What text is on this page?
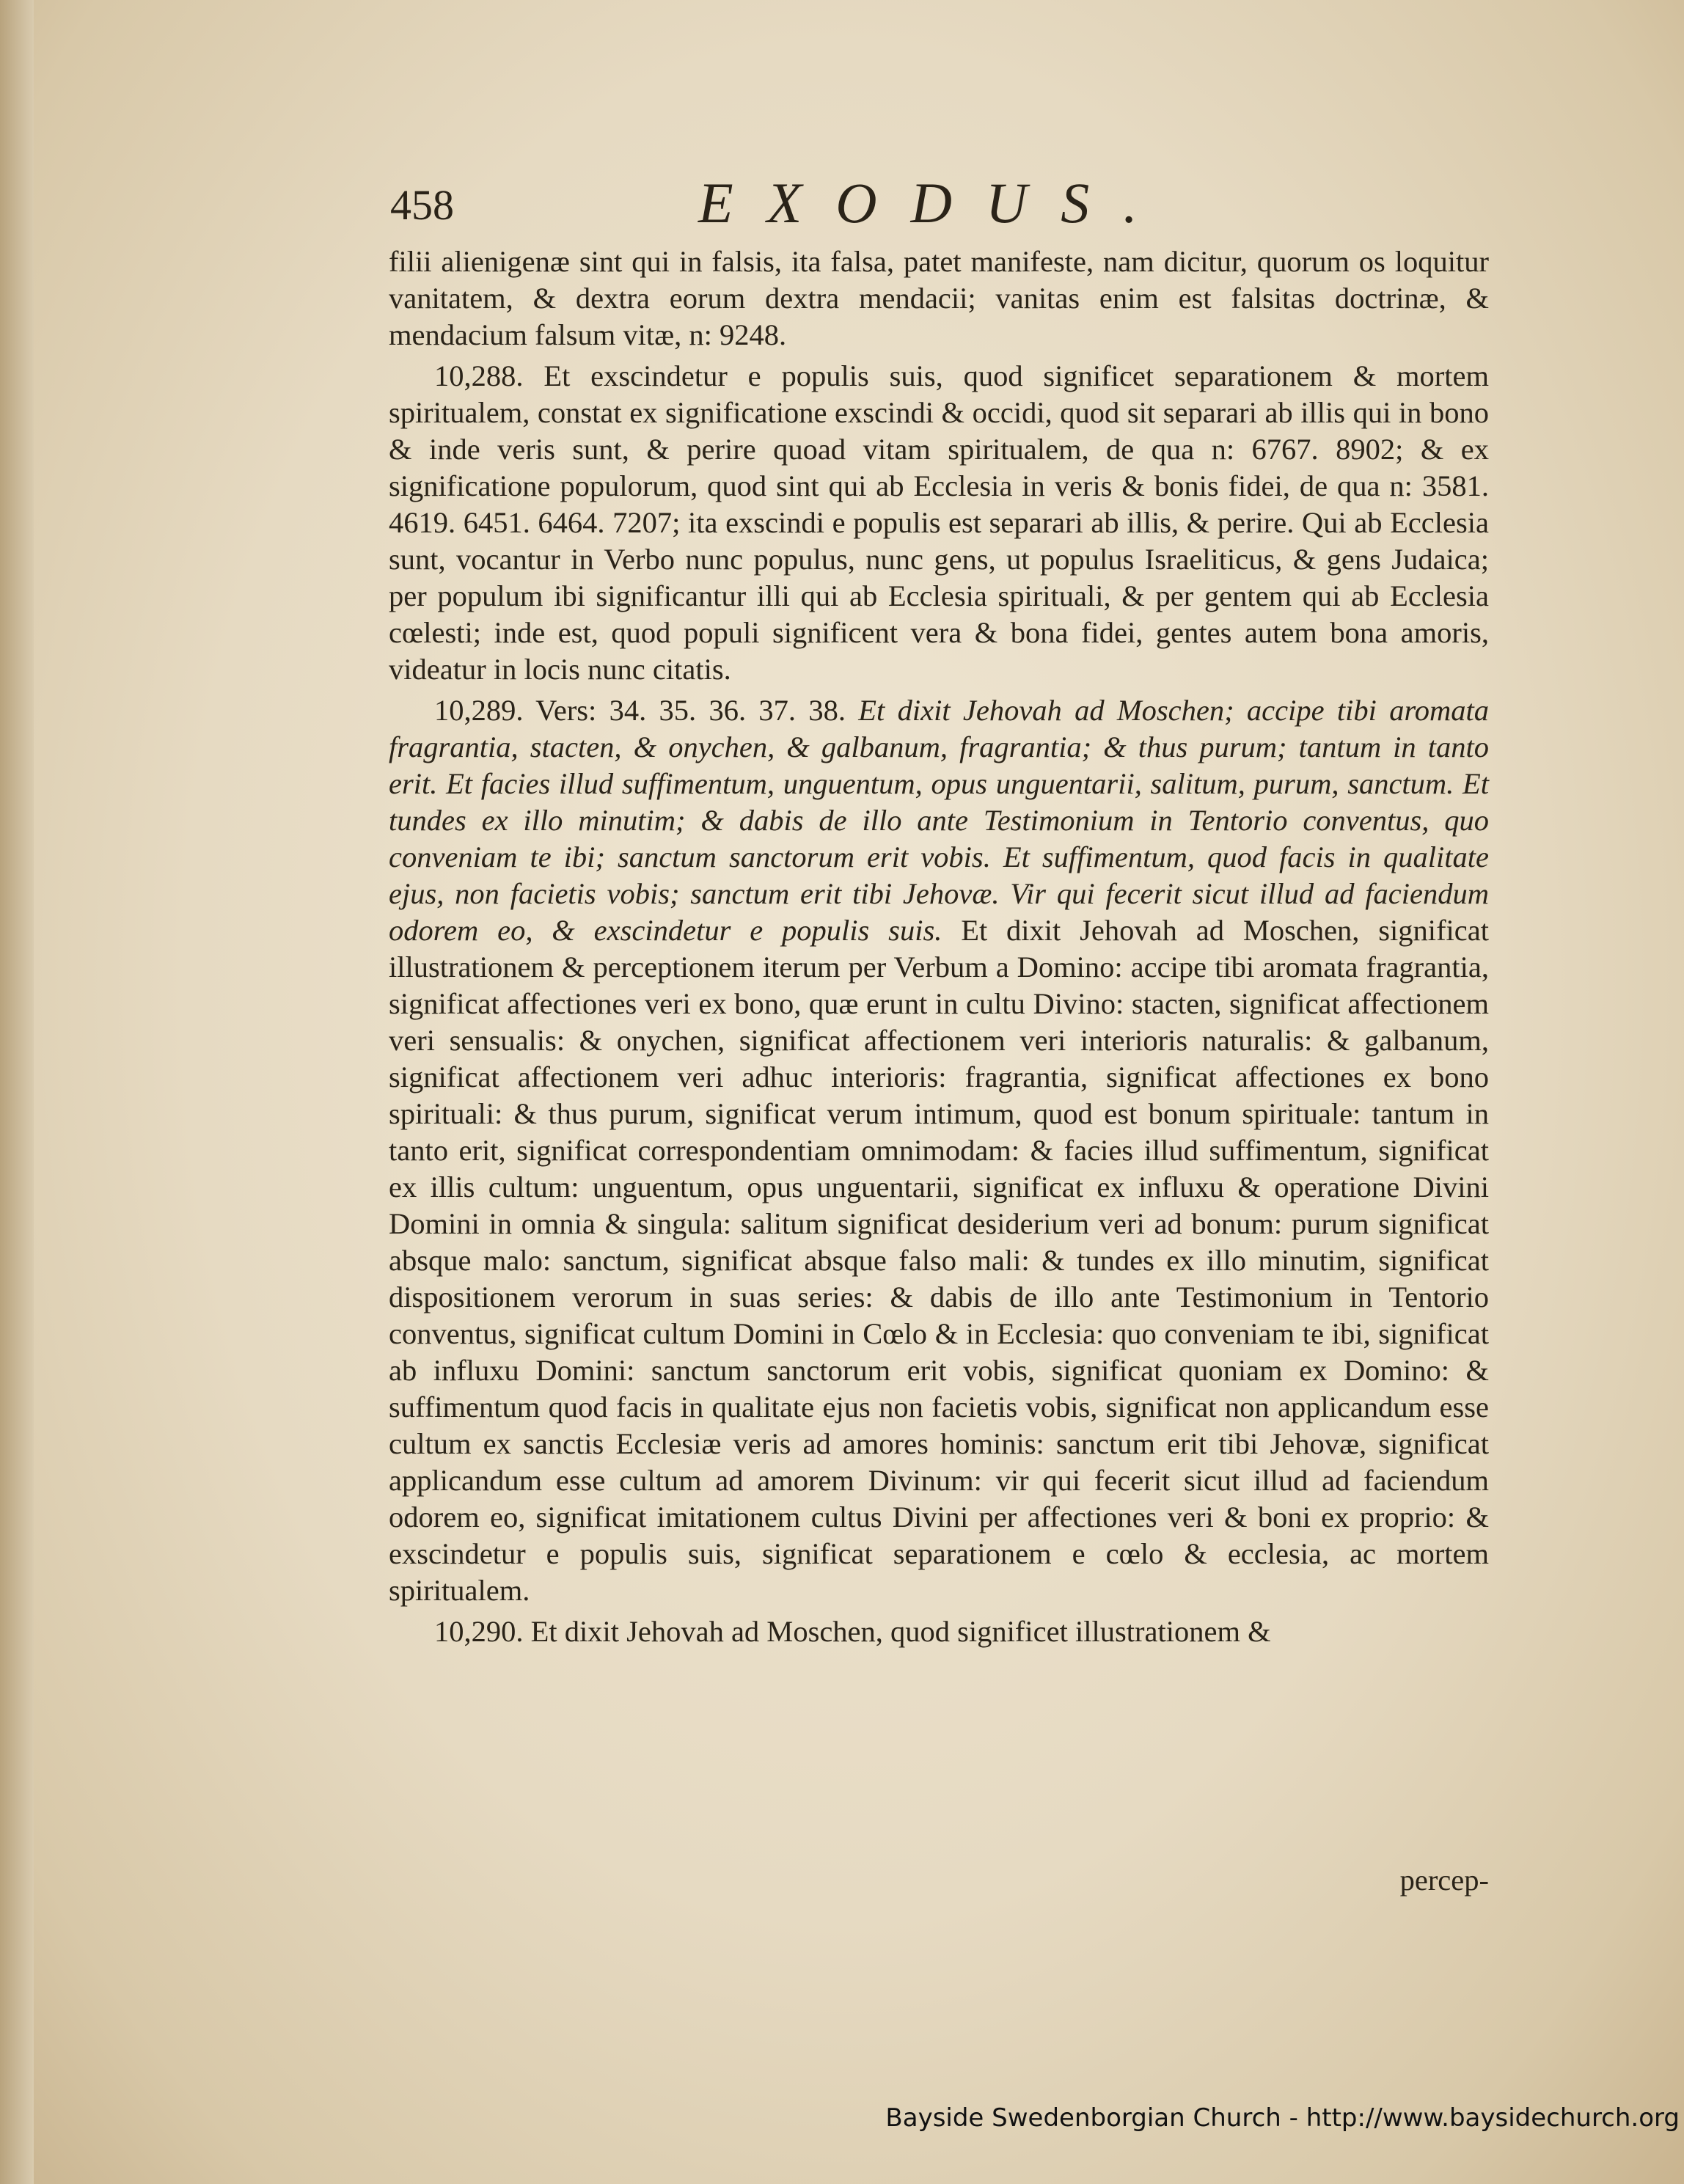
458	EXODUS.

filii alienigenæ sint qui in falsis, ita falsa, patet manifeste, nam dicitur, quorum os loquitur vanitatem, & dextra eorum dextra mendacii; vanitas enim est falsitas doctrinæ, & mendacium falsum vitæ, n: 9248.

10,288. Et exscindetur e populis suis, quod significet separationem & mortem spiritualem, constat ex significatione exscindi & occidi, quod sit separari ab illis qui in bono & inde veris sunt, & perire quoad vitam spiritualem, de qua n: 6767. 8902; & ex significatione populorum, quod sint qui ab Ecclesia in veris & bonis fidei, de qua n: 3581. 4619. 6451. 6464. 7207; ita exscindi e populis est separari ab illis, & perire. Qui ab Ecclesia sunt, vocantur in Verbo nunc populus, nunc gens, ut populus Israeliticus, & gens Judaica; per populum ibi significantur illi qui ab Ecclesia spirituali, & per gentem qui ab Ecclesia cœlesti; inde est, quod populi significent vera & bona fidei, gentes autem bona amoris, videatur in locis nunc citatis.

10,289. Vers: 34. 35. 36. 37. 38. Et dixit Jehovah ad Moschen; accipe tibi aromata fragrantia, stacten, & onychen, & galbanum, fragrantia; & thus purum; tantum in tanto erit. Et facies illud suffimentum, unguentum, opus unguentarii, salitum, purum, sanctum. Et tundes ex illo minutim; & dabis de illo ante Testimonium in Tentorio conventus, quo conveniam te ibi; sanctum sanctorum erit vobis. Et suffimentum, quod facis in qualitate ejus, non facietis vobis; sanctum erit tibi Jehovæ. Vir qui fecerit sicut illud ad faciendum odorem eo, & exscindetur e populis suis. Et dixit Jehovah ad Moschen, significat illustrationem & perceptionem iterum per Verbum a Domino: accipe tibi aromata fragrantia, significat affectiones veri ex bono, quæ erunt in cultu Divino: stacten, significat affectionem veri sensualis: & onychen, significat affectionem veri interioris naturalis: & galbanum, significat affectionem veri adhuc interioris: fragrantia, significat affectiones ex bono spirituali: & thus purum, significat verum intimum, quod est bonum spirituale: tantum in tanto erit, significat correspondentiam omnimodam: & facies illud suffimentum, significat ex illis cultum: unguentum, opus unguentarii, significat ex influxu & operatione Divini Domini in omnia & singula: salitum significat desiderium veri ad bonum: purum significat absque malo: sanctum, significat absque falso mali: & tundes ex illo minutim, significat dispositionem verorum in suas series: & dabis de illo ante Testimonium in Tentorio conventus, significat cultum Domini in Cœlo & in Ecclesia: quo conveniam te ibi, significat ab influxu Domini: sanctum sanctorum erit vobis, significat quoniam ex Domino: & suffimentum quod facis in qualitate ejus non facietis vobis, significat non applicandum esse cultum ex sanctis Ecclesiæ veris ad amores hominis: sanctum erit tibi Jehovæ, significat applicandum esse cultum ad amorem Divinum: vir qui fecerit sicut illud ad faciendum odorem eo, significat imitationem cultus Divini per affectiones veri & boni ex proprio: & exscindetur e populis suis, significat separationem e cœlo & ecclesia, ac mortem spiritualem.

10,290. Et dixit Jehovah ad Moschen, quod significet illustrationem &

percep-
Bayside Swedenborgian Church - http://www.baysidechurch.org
